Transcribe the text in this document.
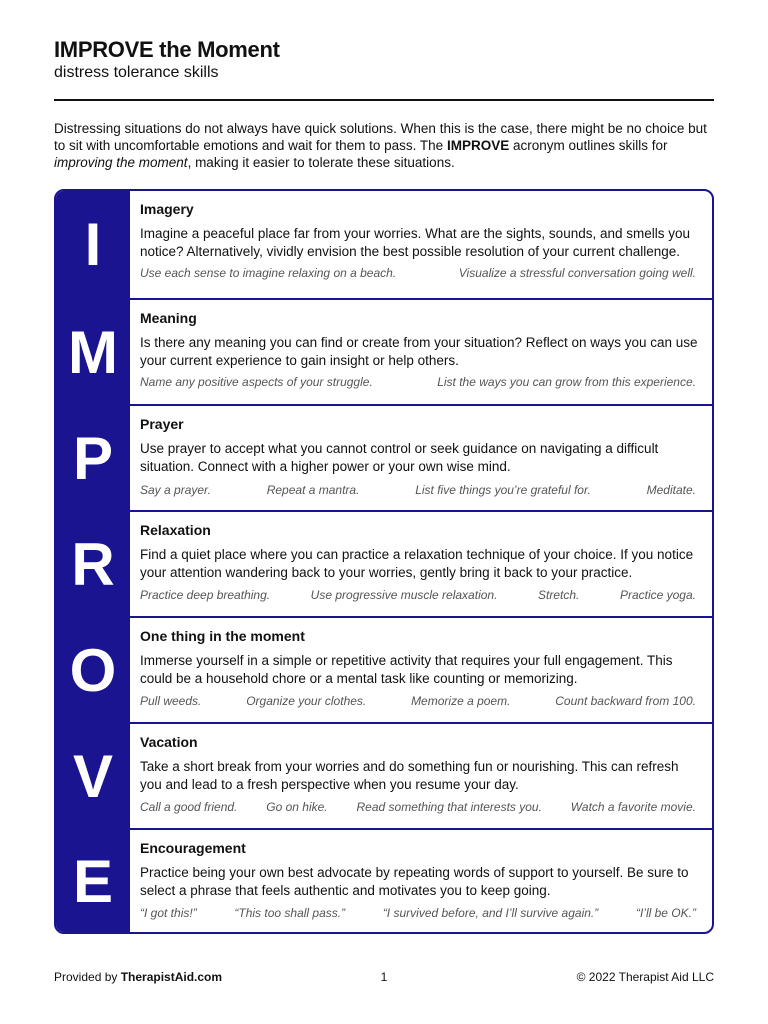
IMPROVE the Moment
distress tolerance skills
Distressing situations do not always have quick solutions. When this is the case, there might be no choice but to sit with uncomfortable emotions and wait for them to pass. The IMPROVE acronym outlines skills for improving the moment, making it easier to tolerate these situations.
I
Imagery
Imagine a peaceful place far from your worries. What are the sights, sounds, and smells you notice? Alternatively, vividly envision the best possible resolution of your current challenge.
Use each sense to imagine relaxing on a beach.	Visualize a stressful conversation going well.
M
Meaning
Is there any meaning you can find or create from your situation? Reflect on ways you can use your current experience to gain insight or help others.
Name any positive aspects of your struggle.	List the ways you can grow from this experience.
P
Prayer
Use prayer to accept what you cannot control or seek guidance on navigating a difficult situation. Connect with a higher power or your own wise mind.
Say a prayer.	Repeat a mantra.	List five things you’re grateful for.	Meditate.
R
Relaxation
Find a quiet place where you can practice a relaxation technique of your choice. If you notice your attention wandering back to your worries, gently bring it back to your practice.
Practice deep breathing.	Use progressive muscle relaxation.	Stretch.	Practice yoga.
O
One thing in the moment
Immerse yourself in a simple or repetitive activity that requires your full engagement. This could be a household chore or a mental task like counting or memorizing.
Pull weeds.	Organize your clothes.	Memorize a poem.	Count backward from 100.
V
Vacation
Take a short break from your worries and do something fun or nourishing. This can refresh you and lead to a fresh perspective when you resume your day.
Call a good friend. Go on hike. Read something that interests you. Watch a favorite movie.
E	Encouragement
Practice being your own best advocate by repeating words of support to yourself. Be sure to select a phrase that feels authentic and motivates you to keep going.
“I got this!”	“This too shall pass.”	“I survived before, and I’ll survive again.”	“I’ll be OK.”
Provided by TherapistAid.com	1	© 2022 Therapist Aid LLC
